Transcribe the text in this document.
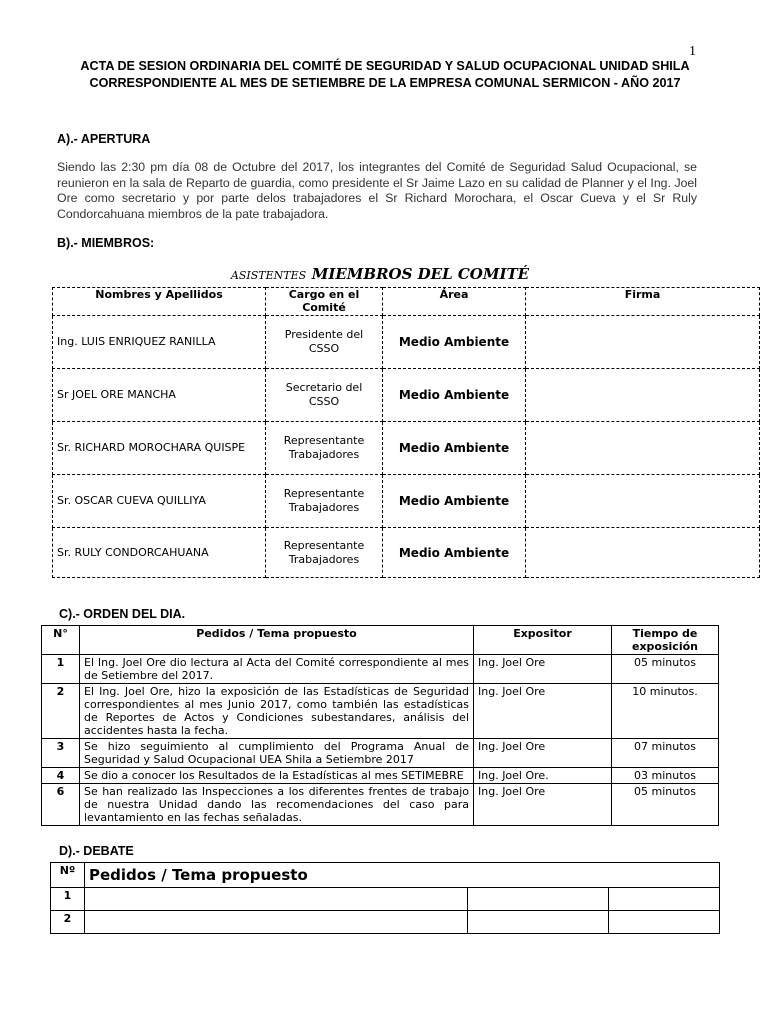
1
ACTA DE SESION ORDINARIA DEL COMITÉ DE SEGURIDAD Y SALUD OCUPACIONAL UNIDAD SHILA CORRESPONDIENTE AL MES DE SETIEMBRE DE LA EMPRESA COMUNAL SERMICON - AÑO 2017
A).- APERTURA
Siendo las 2:30 pm día 08 de Octubre del 2017, los integrantes del Comité de Seguridad Salud Ocupacional, se reunieron en la sala de Reparto de guardia, como presidente el Sr Jaime Lazo en su calidad de Planner y el Ing. Joel Ore como secretario y por parte delos trabajadores el Sr Richard Morochara, el Oscar Cueva y el Sr Ruly Condorcahuana miembros de la pate trabajadora.
B).- MIEMBROS:
ASISTENTES MIEMBROS DEL COMITÉ
Nombres y Apellidos	Cargo en el Comité	Área	Firma
Ing. LUIS ENRIQUEZ RANILLA	Presidente del CSSO	Medio Ambiente	
Sr JOEL ORE MANCHA	Secretario del CSSO	Medio Ambiente	
Sr. RICHARD MOROCHARA QUISPE	Representante Trabajadores	Medio Ambiente	
Sr. OSCAR CUEVA QUILLIYA	Representante Trabajadores	Medio Ambiente	
Sr. RULY CONDORCAHUANA	Representante Trabajadores	Medio Ambiente	
C).- ORDEN DEL DIA.
N°	Pedidos / Tema propuesto	Expositor	Tiempo de exposición
1	El Ing. Joel Ore dio lectura al Acta del Comité correspondiente al mes de Setiembre del 2017.	Ing. Joel Ore	05 minutos
2	El Ing. Joel Ore, hizo la exposición de las Estadísticas de Seguridad correspondientes al mes Junio 2017, como también las estadísticas de Reportes de Actos y Condiciones subestandares, análisis del accidentes hasta la fecha.	Ing. Joel Ore	10 minutos.
3	Se hizo seguimiento al cumplimiento del Programa Anual de Seguridad y Salud Ocupacional UEA Shila a Setiembre 2017	Ing. Joel Ore	07 minutos
4	Se dio a conocer los Resultados de la Estadísticas al mes SETIMEBRE	Ing. Joel Ore.	03 minutos
6	Se han realizado las Inspecciones a los diferentes frentes de trabajo de nuestra Unidad dando las recomendaciones del caso para levantamiento en las fechas señaladas.	Ing. Joel Ore	05 minutos
D).- DEBATE
Nº	Pedidos / Tema propuesto		
1			
2			
